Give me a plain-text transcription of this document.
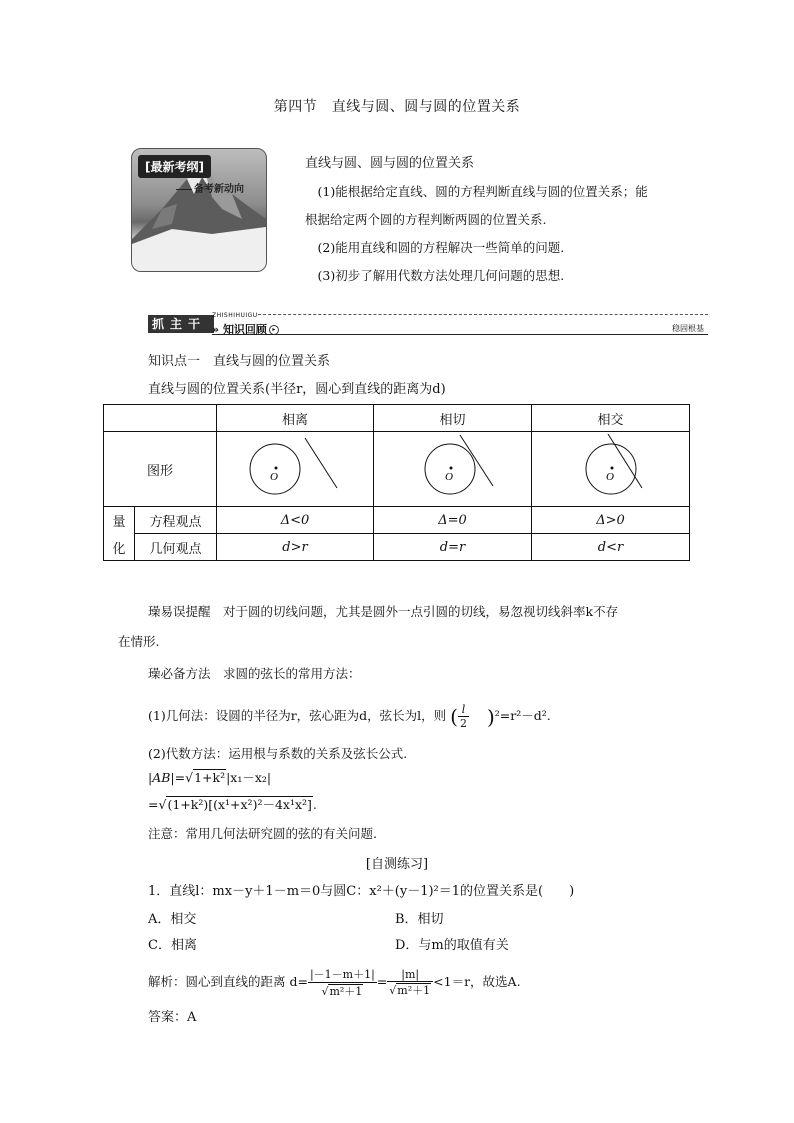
第四节　直线与圆、圆与圆的位置关系
[最新考纲]
备考新动向

直线与圆、圆与圆的位置关系

(1)能根据给定直线、圆的方程判断直线与圆的位置关系；能

根据给定两个圆的方程判断两圆的位置关系.

(2)能用直线和圆的方程解决一些简单的问题.

(3)初步了解用代数方法处理几何问题的思想.

抓主干
ZHISHIHUIGU
» 知识回顾 ▸	稳固根基
知识点一　直线与圆的位置关系
直线与圆的位置关系(半径r，圆心到直线的距离为d)
		相离	相切	相交
图形		O	O	O

量
化	方程观点	Δ<0	Δ=0	Δ>0
	几何观点	d>r	d=r	d<r
璪易误提醒　对于圆的切线问题，尤其是圆外一点引圆的切线，易忽视切线斜率k不存
在情形.
璪必备方法　求圆的弦长的常用方法：
(1)几何法：设圆的半径为r，弦心距为d，弦长为l，则 ( $\frac{l}{2} )^2=r^2-d^2$.
(2)代数方法：运用根与系数的关系及弦长公式.
|AB|=√1+k²|x₁－x₂|
=√(1+k²)[(x¹+x²)²－4x¹x²].
注意：常用几何法研究圆的弦的有关问题.
[自测练习]
1．直线l：mx－y＋1－m＝0与圆C：x²＋(y－1)²＝1的位置关系是(　　)
A．相交	B．相切
C．相离	D．与m的取值有关
解析：圆心到直线的距离 $d= \frac{|-1-m+1|}{\text{√m²＋1}} = \frac{|m|}{\text{√m²＋1}} <1=r$，故选A.
答案：A
